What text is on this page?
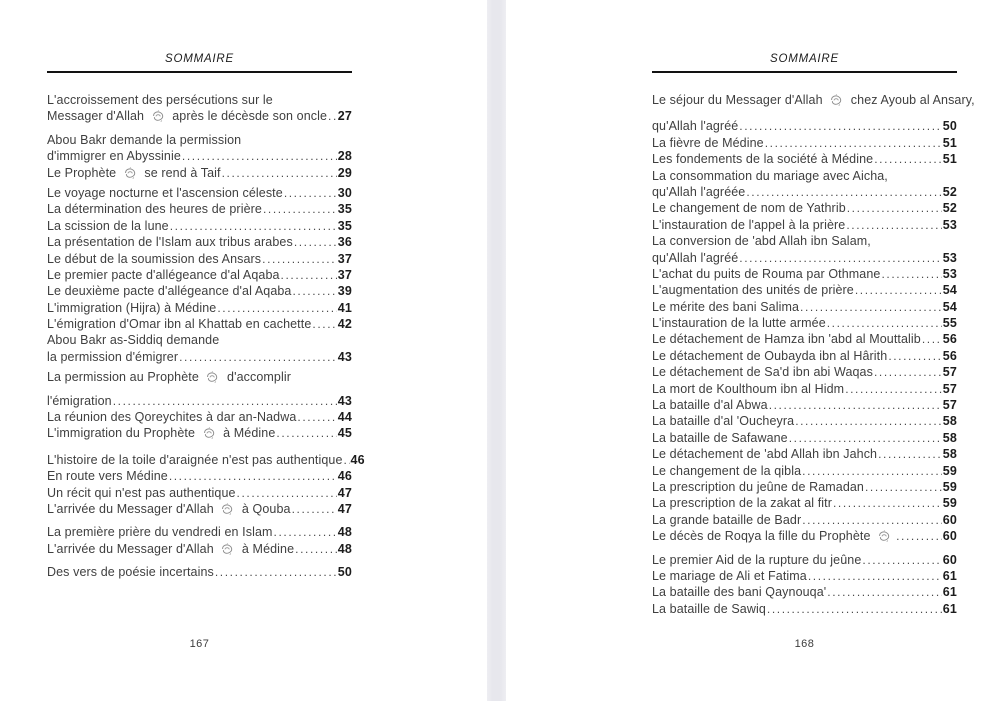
SOMMAIRE
L'accroissement des persécutions sur le
Messager d'Allah
après le décèsde son oncle ..... 27
Abou Bakr demande la permission
d'immigrer en Abyssinie .....	28
Le Prophète
se rend à Taif .....	29
Le voyage nocturne et l'ascension céleste .....	30
La détermination des heures de prière .....	35
La scission de la lune .....	35
La présentation de l'Islam aux tribus arabes .....	36
Le début de la soumission des Ansars .....	37
Le premier pacte d'allégeance d'al Aqaba .....	37
Le deuxième pacte d'allégeance d'al Aqaba .....	39
L'immigration (Hijra) à Médine .....	41
L'émigration d'Omar ibn al Khattab en cachette ..... 42
Abou Bakr as-Siddiq demande
la permission d'émigrer .....	43
La permission au Prophète
d'accomplir
l'émigration .....	43
La réunion des Qoreychites à dar an-Nadwa .....	44
L'immigration du Prophète
à Médine .....	45
L'histoire de la toile d'araignée n'est pas authentique ..... 46
En route vers Médine .....	46
Un récit qui n'est pas authentique .....	47
L'arrivée du Messager d'Allah
à Qouba .....	47
La première prière du vendredi en Islam .....	48
L'arrivée du Messager d'Allah
à Médine .....	48
Des vers de poésie incertains .....	50
SOMMAIRE
Le séjour du Messager d'Allah
chez Ayoub al Ansary,
qu'Allah l'agréé .....	50
La fièvre de Médine .....	51
Les fondements de la société à Médine .....	51
La consommation du mariage avec Aicha,
qu'Allah l'agréée .....	52
Le changement de nom de Yathrib .....	52
L'instauration de l'appel à la prière .....	53
La conversion de 'abd Allah ibn Salam,
qu'Allah l'agréé .....	53
L'achat du puits de Rouma par Othmane .....	53
L'augmentation des unités de prière .....	54
Le mérite des bani Salima .....	54
L'instauration de la lutte armée .....	55
Le détachement de Hamza ibn 'abd al Mouttalib ..... 56
Le détachement de Oubayda ibn al Hârith .....	56
Le détachement de Sa'd ibn abi Waqas .....	57
La mort de Koulthoum ibn al Hidm .....	57
La bataille d'al Abwa .....	57
La bataille d'al 'Oucheyra .....	58
La bataille de Safawane .....	58
Le détachement de 'abd Allah ibn Jahch .....	58
Le changement de la qibla .....	59
La prescription du jeûne de Ramadan .....	59
La prescription de la zakat al fitr .....	59
La grande bataille de Badr .....	60
Le décès de Roqya la fille du Prophète .....	60
Le premier Aid de la rupture du jeûne .....	60
Le mariage de Ali et Fatima .....	61
La bataille des bani Qaynouqa' .....	61
La bataille de Sawiq .....	61
167	168
